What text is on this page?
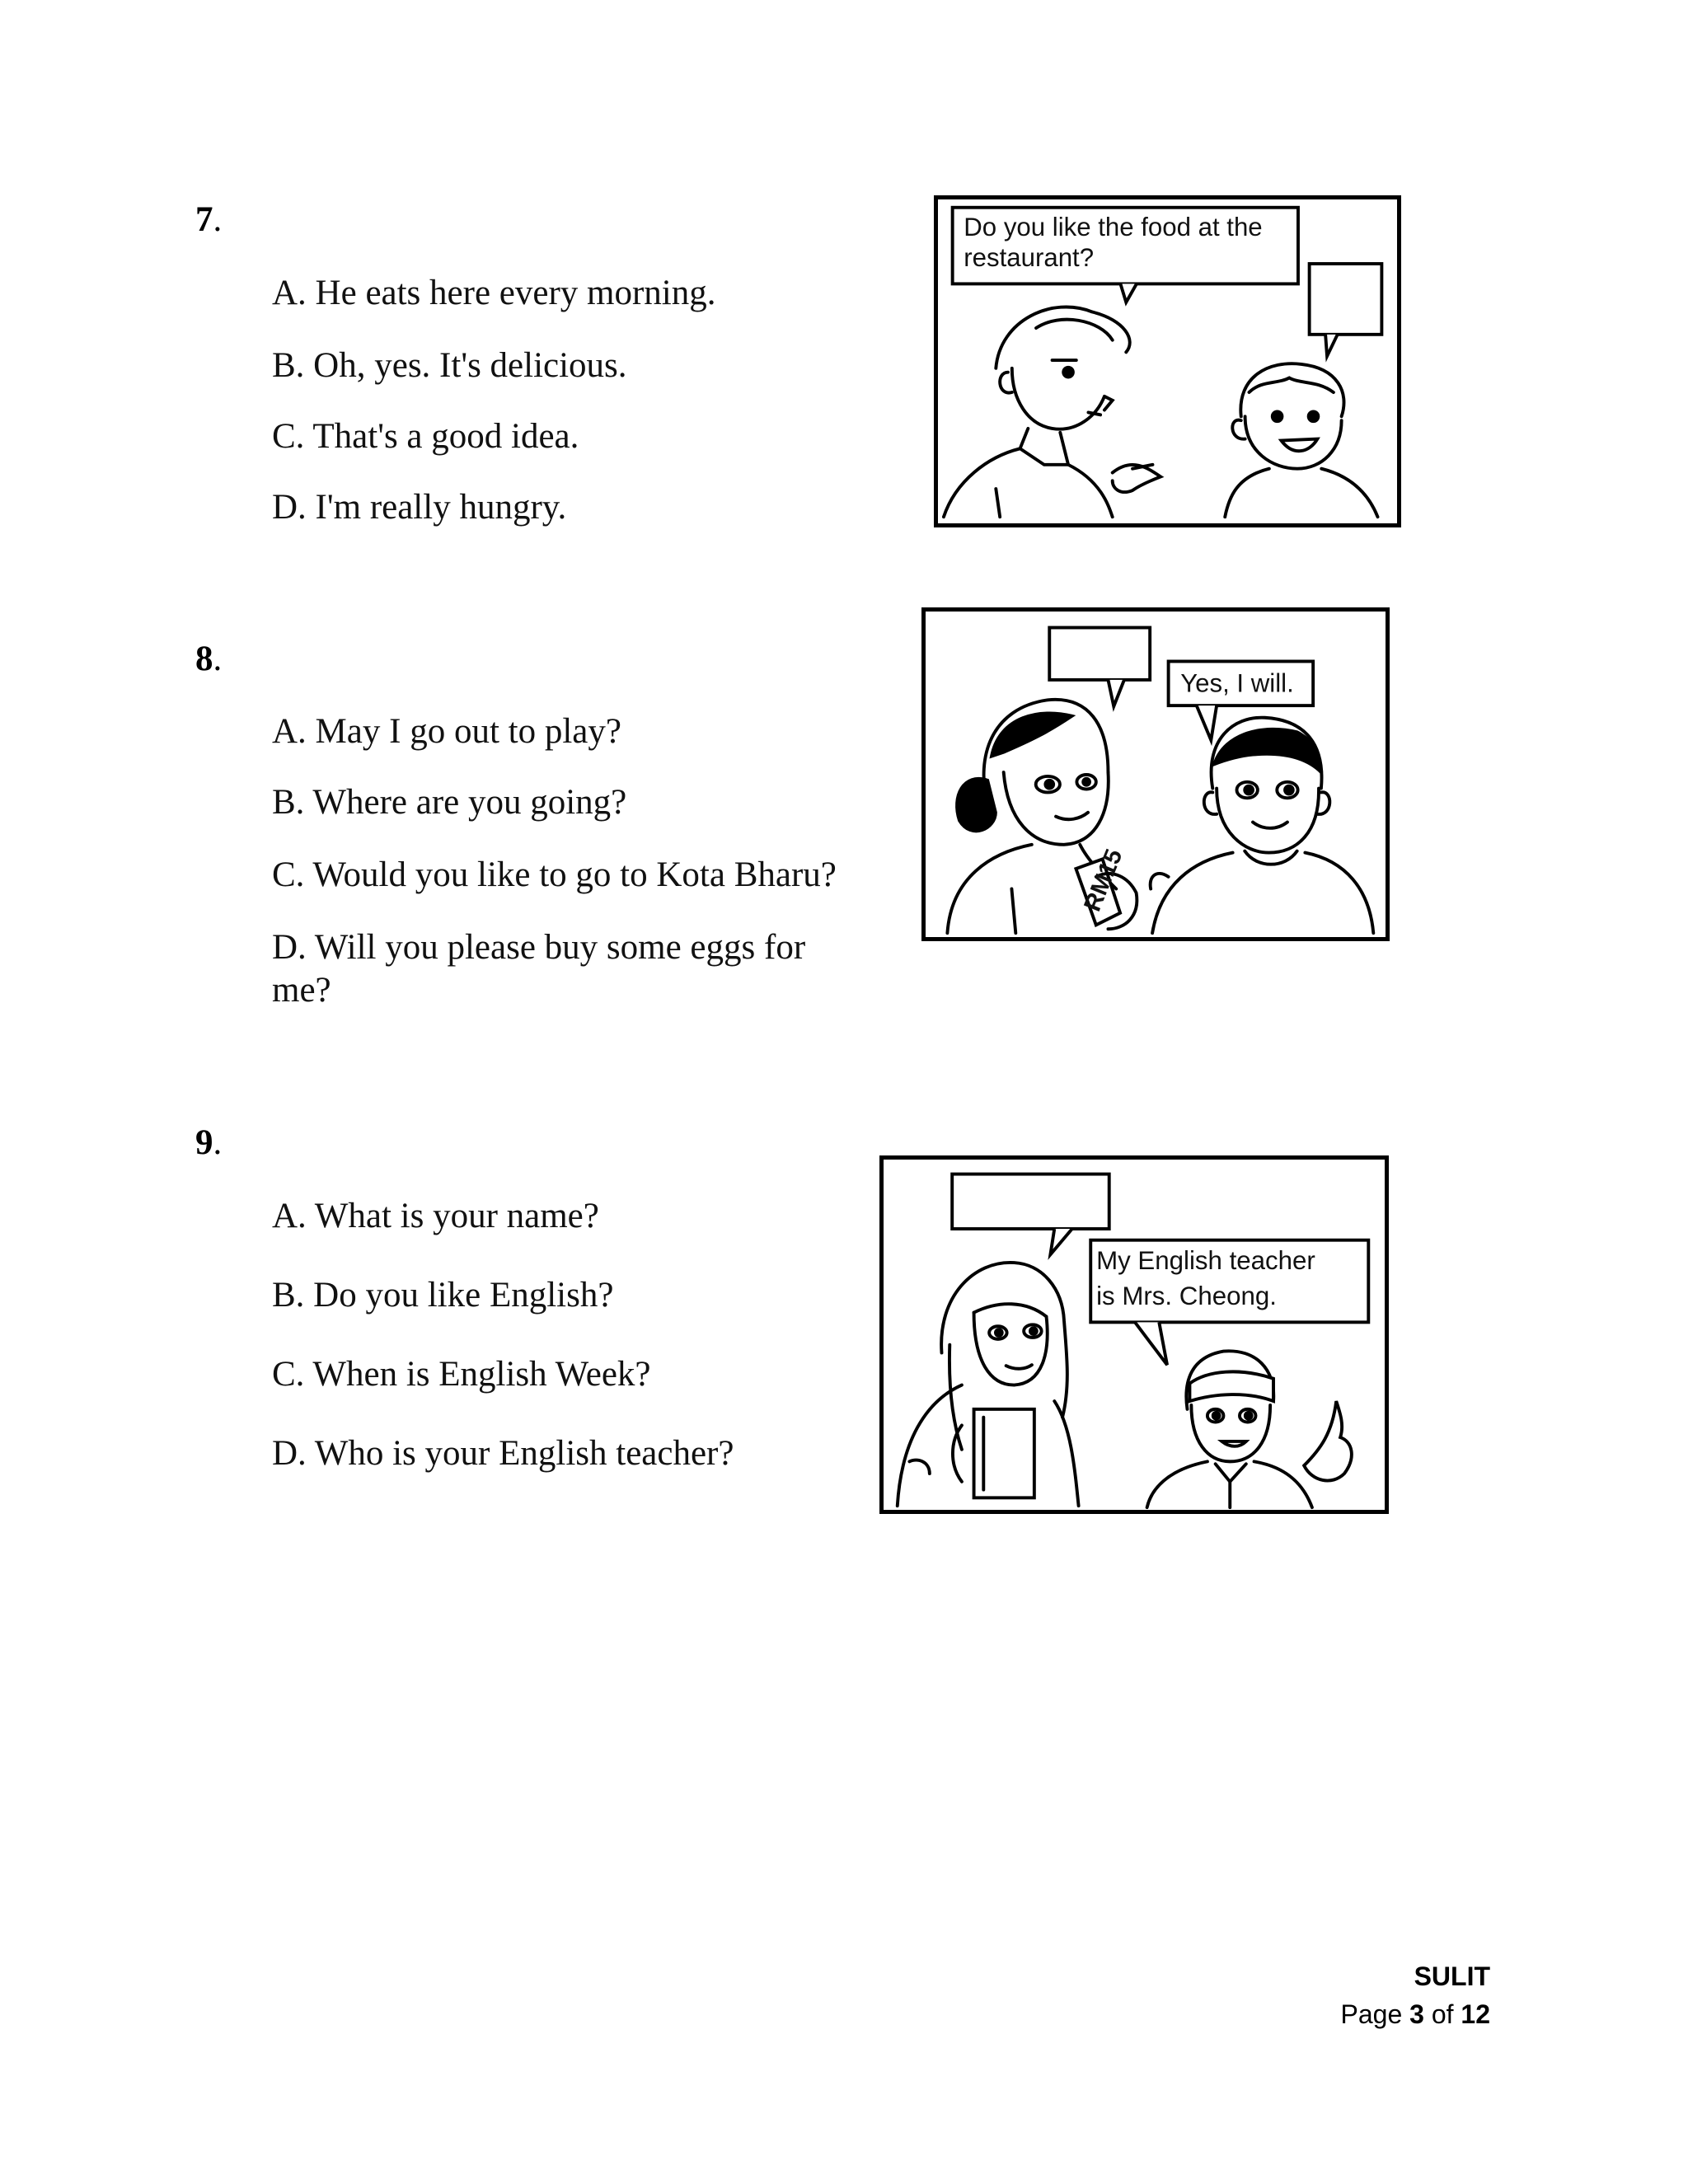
7.
A. He eats here every morning.
B. Oh, yes. It's delicious.
C. That's a good idea.
D. I'm really hungry.
Do you like the food at the
restaurant?
8.
A. May I go out to play?
B. Where are you going?
C. Would you like to go to Kota Bharu?
D. Will you please buy some eggs for
me?
Yes, I will.
RM15
9.
A. What is your name?
B. Do you like English?
C. When is English Week?
D. Who is your English teacher?
My English teacher
is Mrs. Cheong.
SULIT
Page 3 of 12
